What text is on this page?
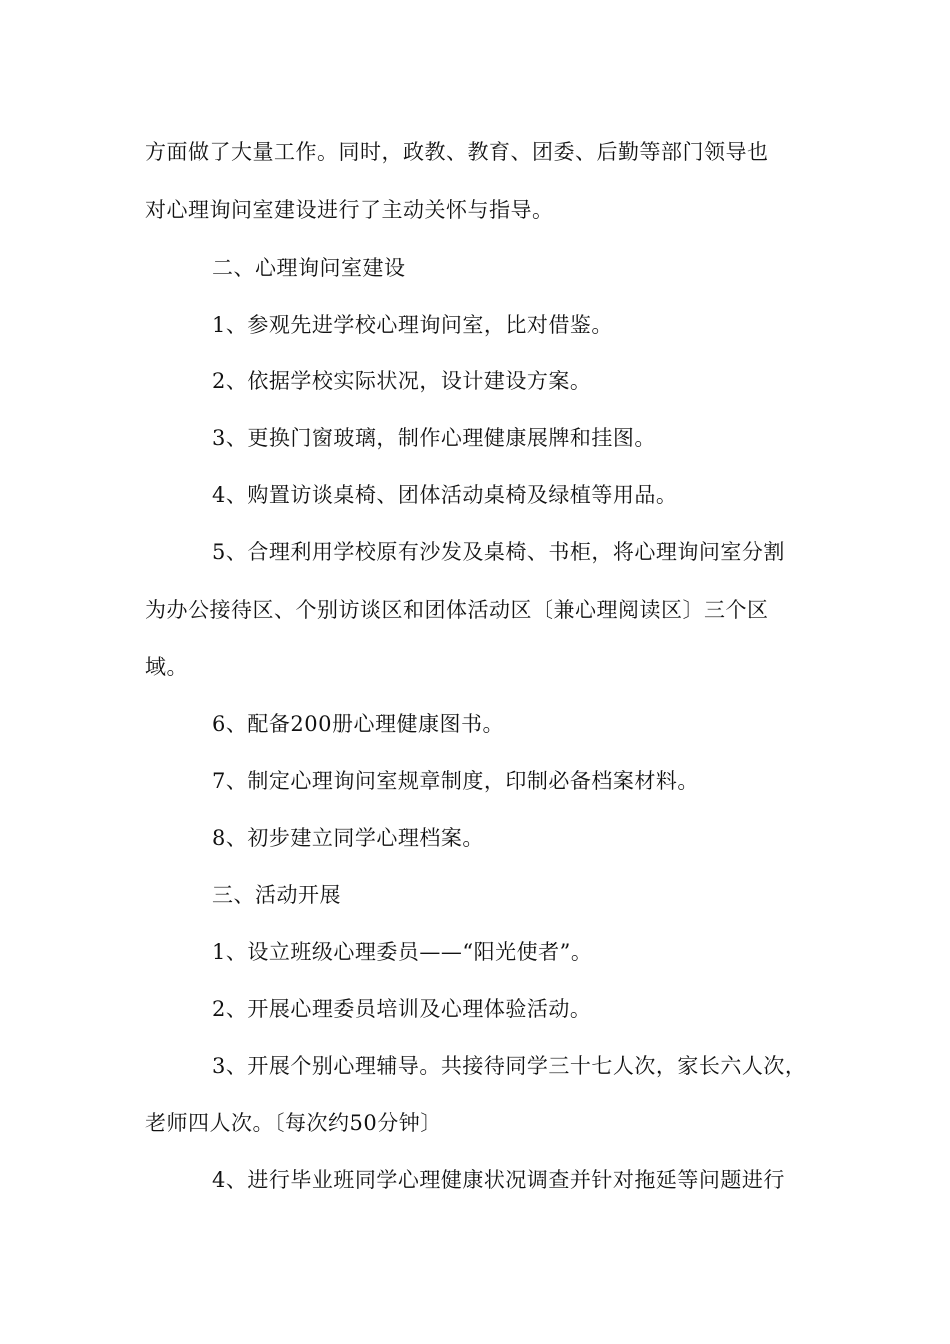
方面做了大量工作。同时，政教、教育、团委、后勤等部门领导也
对心理询问室建设进行了主动关怀与指导。
二、心理询问室建设
1、参观先进学校心理询问室，比对借鉴。
2、依据学校实际状况，设计建设方案。
3、更换门窗玻璃，制作心理健康展牌和挂图。
4、购置访谈桌椅、团体活动桌椅及绿植等用品。
5、合理利用学校原有沙发及桌椅、书柜，将心理询问室分割
为办公接待区、个别访谈区和团体活动区〔兼心理阅读区〕三个区
域。
6、配备200册心理健康图书。
7、制定心理询问室规章制度，印制必备档案材料。
8、初步建立同学心理档案。
三、活动开展
1、设立班级心理委员——“阳光使者”。
2、开展心理委员培训及心理体验活动。
3、开展个别心理辅导。共接待同学三十七人次，家长六人次，
老师四人次。〔每次约50分钟〕
4、进行毕业班同学心理健康状况调查并针对拖延等问题进行
